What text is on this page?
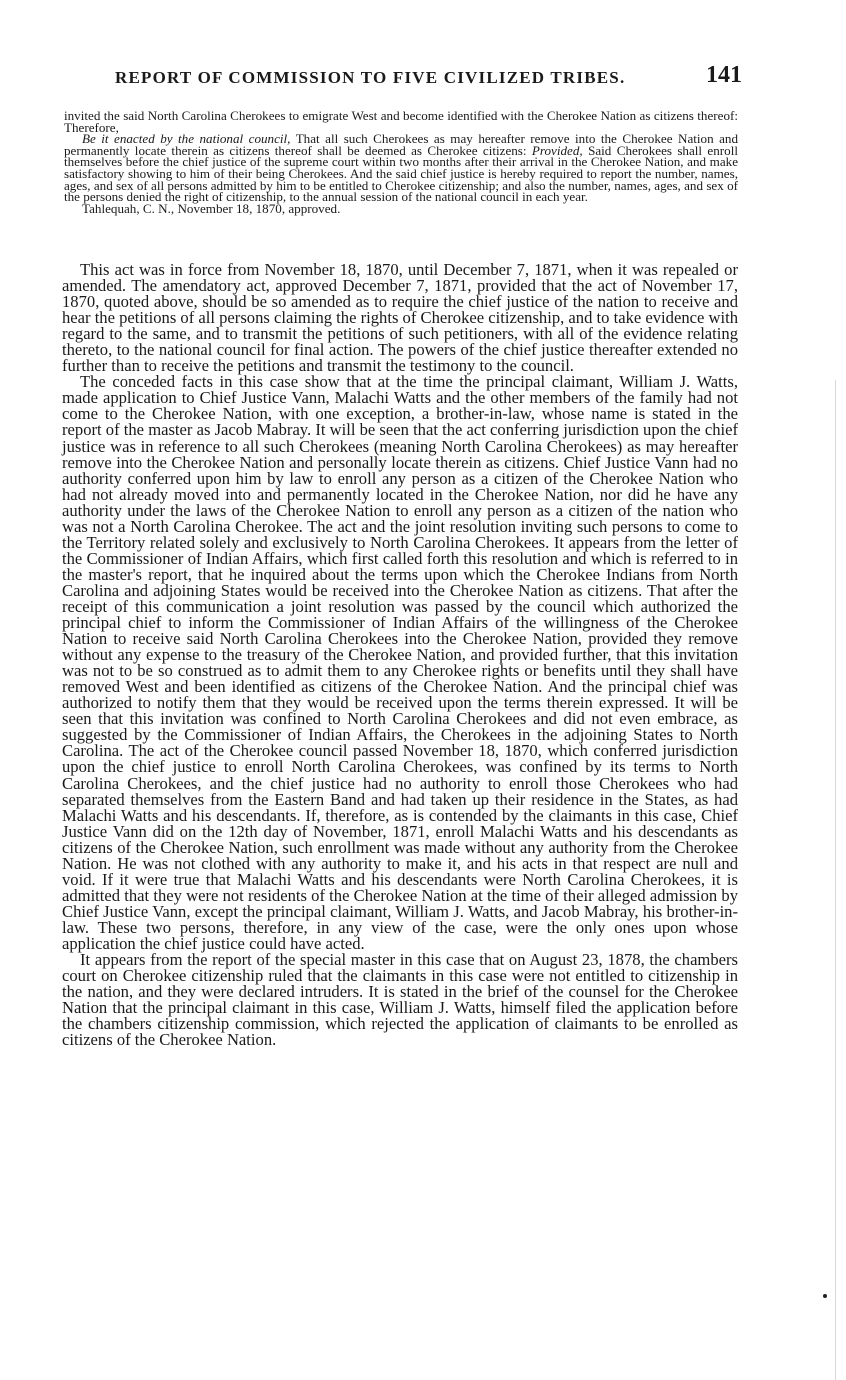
REPORT OF COMMISSION TO FIVE CIVILIZED TRIBES.	141

invited the said North Carolina Cherokees to emigrate West and become identified with the Cherokee Nation as citizens thereof: Therefore,

Be it enacted by the national council, That all such Cherokees as may hereafter remove into the Cherokee Nation and permanently locate therein as citizens thereof shall be deemed as Cherokee citizens: Provided, Said Cherokees shall enroll themselves before the chief justice of the supreme court within two months after their arrival in the Cherokee Nation, and make satisfactory showing to him of their being Cherokees. And the said chief justice is hereby required to report the number, names, ages, and sex of all persons admitted by him to be entitled to Cherokee citizenship; and also the number, names, ages, and sex of the persons denied the right of citizenship, to the annual session of the national council in each year.

Tahlequah, C. N., November 18, 1870, approved.

This act was in force from November 18, 1870, until December 7, 1871, when it was repealed or amended. The amendatory act, approved December 7, 1871, provided that the act of November 17, 1870, quoted above, should be so amended as to require the chief justice of the nation to receive and hear the petitions of all persons claiming the rights of Cherokee citizenship, and to take evidence with regard to the same, and to transmit the petitions of such petitioners, with all of the evidence relating thereto, to the national council for final action. The powers of the chief justice thereafter extended no further than to receive the petitions and transmit the testimony to the council.

The conceded facts in this case show that at the time the principal claimant, William J. Watts, made application to Chief Justice Vann, Malachi Watts and the other members of the family had not come to the Cherokee Nation, with one exception, a brother-in-law, whose name is stated in the report of the master as Jacob Mabray. It will be seen that the act conferring jurisdiction upon the chief justice was in reference to all such Cherokees (meaning North Carolina Cherokees) as may hereafter remove into the Cherokee Nation and personally locate therein as citizens. Chief Justice Vann had no authority conferred upon him by law to enroll any person as a citizen of the Cherokee Nation who had not already moved into and permanently located in the Cherokee Nation, nor did he have any authority under the laws of the Cherokee Nation to enroll any person as a citizen of the nation who was not a North Carolina Cherokee. The act and the joint resolution inviting such persons to come to the Territory related solely and exclusively to North Carolina Cherokees. It appears from the letter of the Commissioner of Indian Affairs, which first called forth this resolution and which is referred to in the master's report, that he inquired about the terms upon which the Cherokee Indians from North Carolina and adjoining States would be received into the Cherokee Nation as citizens. That after the receipt of this communication a joint resolution was passed by the council which authorized the principal chief to inform the Commissioner of Indian Affairs of the willingness of the Cherokee Nation to receive said North Carolina Cherokees into the Cherokee Nation, provided they remove without any expense to the treasury of the Cherokee Nation, and provided further, that this invitation was not to be so construed as to admit them to any Cherokee rights or benefits until they shall have removed West and been identified as citizens of the Cherokee Nation. And the principal chief was authorized to notify them that they would be received upon the terms therein expressed. It will be seen that this invitation was confined to North Carolina Cherokees and did not even embrace, as suggested by the Commissioner of Indian Affairs, the Cherokees in the adjoining States to North Carolina. The act of the Cherokee council passed November 18, 1870, which conferred jurisdiction upon the chief justice to enroll North Carolina Cherokees, was confined by its terms to North Carolina Cherokees, and the chief justice had no authority to enroll those Cherokees who had separated themselves from the Eastern Band and had taken up their residence in the States, as had Malachi Watts and his descendants. If, therefore, as is contended by the claimants in this case, Chief Justice Vann did on the 12th day of November, 1871, enroll Malachi Watts and his descendants as citizens of the Cherokee Nation, such enrollment was made without any authority from the Cherokee Nation. He was not clothed with any authority to make it, and his acts in that respect are null and void. If it were true that Malachi Watts and his descendants were North Carolina Cherokees, it is admitted that they were not residents of the Cherokee Nation at the time of their alleged admission by Chief Justice Vann, except the principal claimant, William J. Watts, and Jacob Mabray, his brother-in-law. These two persons, therefore, in any view of the case, were the only ones upon whose application the chief justice could have acted.

It appears from the report of the special master in this case that on August 23, 1878, the chambers court on Cherokee citizenship ruled that the claimants in this case were not entitled to citizenship in the nation, and they were declared intruders. It is stated in the brief of the counsel for the Cherokee Nation that the principal claimant in this case, William J. Watts, himself filed the application before the chambers citizenship commission, which rejected the application of claimants to be enrolled as citizens of the Cherokee Nation.
